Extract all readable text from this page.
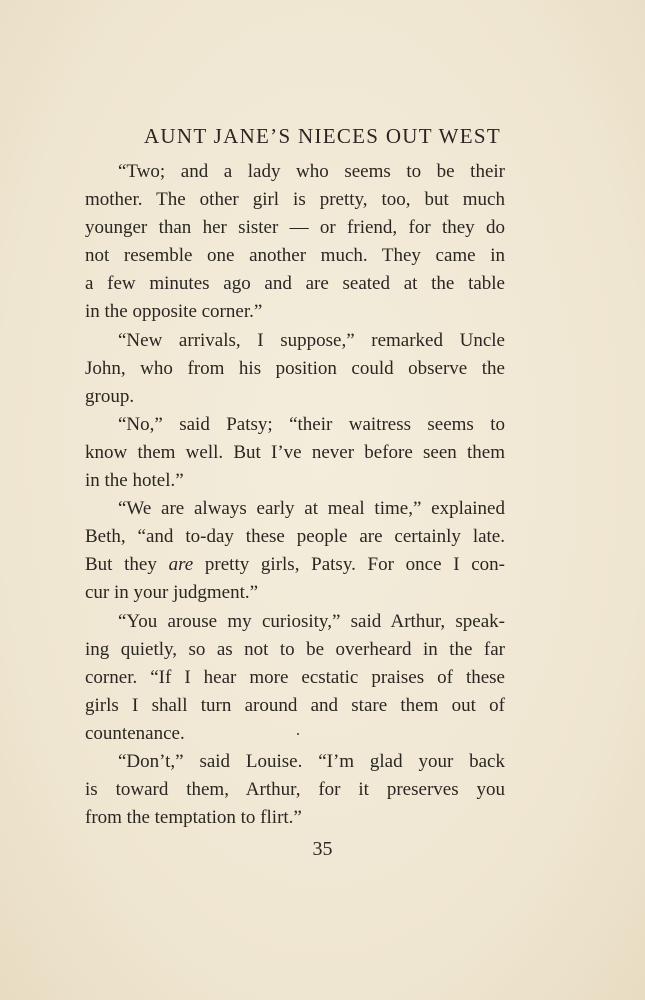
AUNT JANE’S NIECES OUT WEST
“Two; and a lady who seems to be their
mother. The other girl is pretty, too, but much
younger than her sister — or friend, for they do
not resemble one another much. They came in
a few minutes ago and are seated at the table
in the opposite corner.”
“New arrivals, I suppose,” remarked Uncle
John, who from his position could observe the
group.
“No,” said Patsy; “their waitress seems to
know them well. But I’ve never before seen them
in the hotel.”
“We are always early at meal time,” explained
Beth, “and to-day these people are certainly late.
But they are pretty girls, Patsy. For once I con-
cur in your judgment.”
“You arouse my curiosity,” said Arthur, speak-
ing quietly, so as not to be overheard in the far
corner. “If I hear more ecstatic praises of these
girls I shall turn around and stare them out of
countenance.
“Don’t,” said Louise. “I’m glad your back
is toward them, Arthur, for it preserves you
from the temptation to flirt.”
35
